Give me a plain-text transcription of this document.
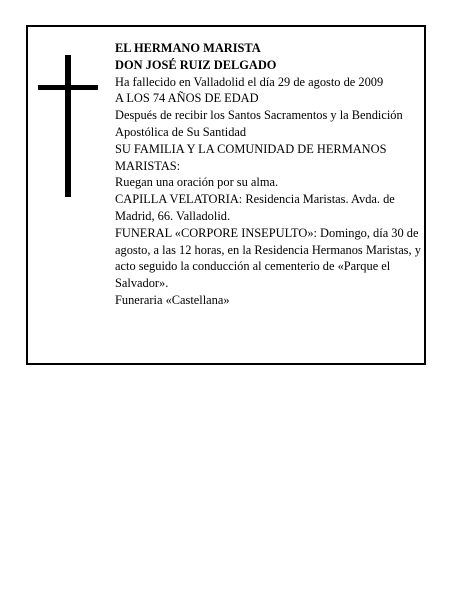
EL HERMANO MARISTA

DON JOSÉ RUIZ DELGADO

Ha fallecido en Valladolid el día 29 de agosto de 2009

A LOS 74 AÑOS DE EDAD

Después de recibir los Santos Sacramentos y la Bendición Apostólica de Su Santidad

SU FAMILIA Y LA COMUNIDAD DE HERMANOS MARISTAS:

Ruegan una oración por su alma.

CAPILLA VELATORIA: Residencia Maristas. Avda. de Madrid, 66. Valladolid.

FUNERAL «CORPORE INSEPULTO»: Domingo, día 30 de agosto, a las 12 horas, en la Residencia Hermanos Maristas, y acto seguido la conducción al cementerio de «Parque el Salvador».

Funeraria «Castellana»
